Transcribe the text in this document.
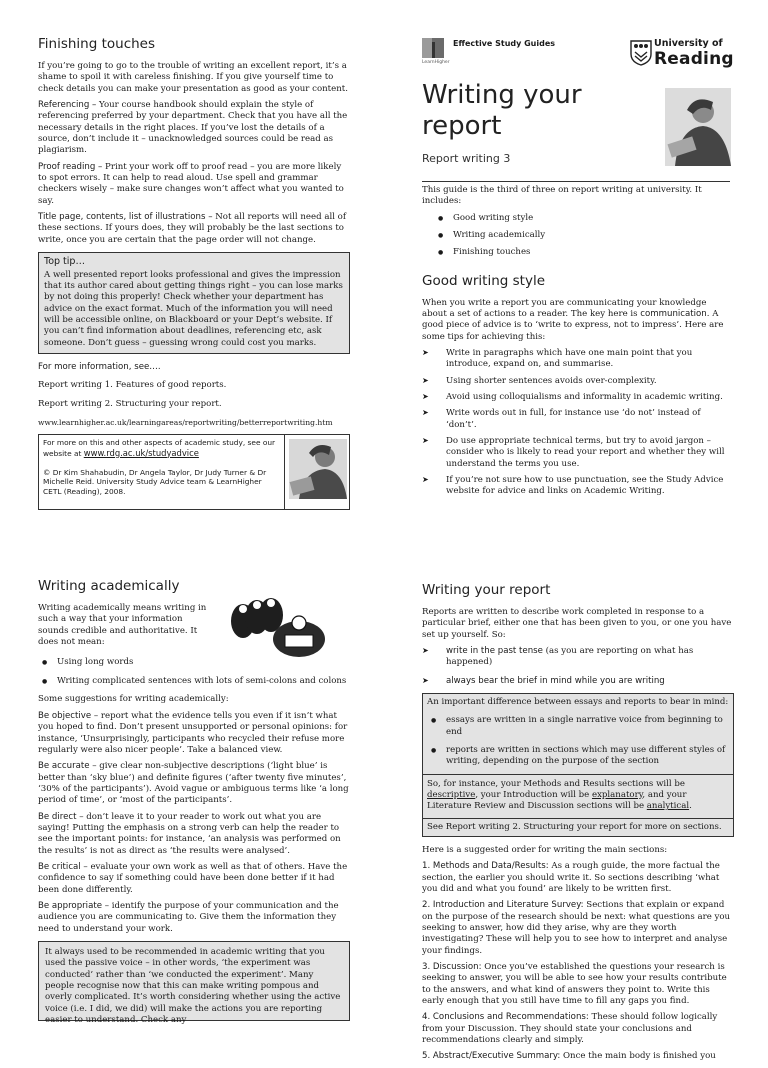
Finishing touches

If you’re going to go to the trouble of writing an excellent report, it’s a shame to spoil it with careless finishing. If you give yourself time to check details you can make your presentation as good as your content.

Referencing – Your course handbook should explain the style of referencing preferred by your department. Check that you have all the necessary details in the right places. If you’ve lost the details of a source, don’t include it – unacknowledged sources could be read as plagiarism.

Proof reading – Print your work off to proof read – you are more likely to spot errors. It can help to read aloud. Use spell and grammar checkers wisely – make sure changes won’t affect what you wanted to say.

Title page, contents, list of illustrations – Not all reports will need all of these sections. If yours does, they will probably be the last sections to write, once you are certain that the page order will not change.

Top tip…
A well presented report looks professional and gives the impression that its author cared about getting things right – you can lose marks by not doing this properly! Check whether your department has advice on the exact format. Much of the information you will need will be accessible online, on Blackboard or your Dept’s website. If you can’t find information about deadlines, referencing etc, ask someone. Don’t guess – guessing wrong could cost you marks.

For more information, see….

Report writing 1. Features of good reports.

Report writing 2. Structuring your report.

www.learnhigher.ac.uk/learningareas/reportwriting/betterreportwriting.htm

For more on this and other aspects of academic study, see our website at www.rdg.ac.uk/studyadvice
© Dr Kim Shahabudin, Dr Angela Taylor, Dr Judy Turner & Dr Michelle Reid. University Study Advice team & LearnHigher CETL (Reading), 2008.
Effective Study Guides
LearnHigher
University of
Reading
Writing your report
Report writing 3

This guide is the third of three on report writing at university. It includes:

● Good writing style
● Writing academically
● Finishing touches
Good writing style

When you write a report you are communicating your knowledge about a set of actions to a reader. The key here is communication. A good piece of advice is to ‘write to express, not to impress’. Here are some tips for achieving this:

➤ Write in paragraphs which have one main point that you introduce, expand on, and summarise.
➤ Using shorter sentences avoids over-complexity.
➤ Avoid using colloquialisms and informality in academic writing.
➤ Write words out in full, for instance use ‘do not’ instead of ‘don’t’.
➤ Do use appropriate technical terms, but try to avoid jargon – consider who is likely to read your report and whether they will understand the terms you use.
➤ If you’re not sure how to use punctuation, see the Study Advice website for advice and links on Academic Writing.
Writing academically

Writing academically means writing in such a way that your information sounds credible and authoritative. It does not mean:

● Using long words
● Writing complicated sentences with lots of semi-colons and colons

Some suggestions for writing academically:

Be objective – report what the evidence tells you even if it isn’t what you hoped to find. Don’t present unsupported or personal opinions: for instance, ‘Unsurprisingly, participants who recycled their refuse more regularly were also nicer people’. Take a balanced view.

Be accurate – give clear non-subjective descriptions (‘light blue’ is better than ‘sky blue’) and definite figures (‘after twenty five minutes’, ‘30% of the participants’). Avoid vague or ambiguous terms like ‘a long period of time’, or ‘most of the participants’.

Be direct – don’t leave it to your reader to work out what you are saying! Putting the emphasis on a strong verb can help the reader to see the important points: for instance, ‘an analysis was performed on the results’ is not as direct as ‘the results were analysed’.

Be critical – evaluate your own work as well as that of others. Have the confidence to say if something could have been done better if it had been done differently.

Be appropriate – identify the purpose of your communication and the audience you are communicating to. Give them the information they need to understand your work.

It always used to be recommended in academic writing that you used the passive voice – in other words, ‘the experiment was conducted’ rather than ‘we conducted the experiment’. Many people recognise now that this can make writing pompous and overly complicated. It’s worth considering whether using the active voice (i.e. I did, we did) will make the actions you are reporting easier to understand. Check any
Writing your report

Reports are written to describe work completed in response to a particular brief, either one that has been given to you, or one you have set up yourself. So:

➤ write in the past tense (as you are reporting on what has happened)
➤ always bear the brief in mind while you are writing

An important difference between essays and reports to bear in mind:

● essays are written in a single narrative voice from beginning to end
● reports are written in sections which may use different styles of writing, depending on the purpose of the section

So, for instance, your Methods and Results sections will be descriptive, your Introduction will be explanatory, and your Literature Review and Discussion sections will be analytical.

See Report writing 2. Structuring your report for more on sections.

Here is a suggested order for writing the main sections:

1. Methods and Data/Results: As a rough guide, the more factual the section, the earlier you should write it. So sections describing ‘what you did and what you found’ are likely to be written first.

2. Introduction and Literature Survey: Sections that explain or expand on the purpose of the research should be next: what questions are you seeking to answer, how did they arise, why are they worth investigating? These will help you to see how to interpret and analyse your findings.

3. Discussion: Once you’ve established the questions your research is seeking to answer, you will be able to see how your results contribute to the answers, and what kind of answers they point to. Write this early enough that you still have time to fill any gaps you find.

4. Conclusions and Recommendations: These should follow logically from your Discussion. They should state your conclusions and recommendations clearly and simply.

5. Abstract/Executive Summary: Once the main body is finished you
